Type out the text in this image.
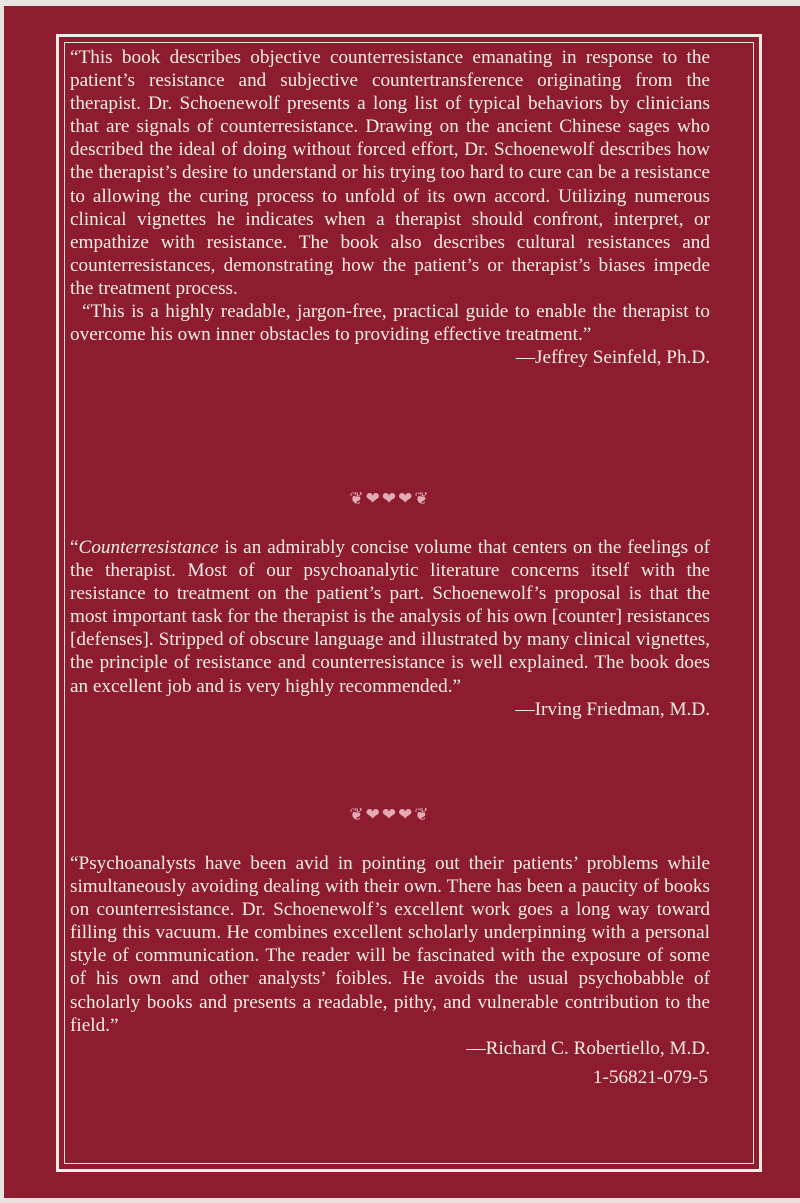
“This book describes objective counterresistance emanating in response to the patient’s resistance and subjective countertransference originating from the therapist. Dr. Schoenewolf presents a long list of typical behaviors by clinicians that are signals of counterresistance. Drawing on the ancient Chinese sages who described the ideal of doing without forced effort, Dr. Schoenewolf describes how the therapist’s desire to understand or his trying too hard to cure can be a resistance to allowing the curing process to unfold of its own accord. Utilizing numerous clinical vignettes he indicates when a therapist should confront, interpret, or empathize with resistance. The book also describes cultural resistances and counterresistances, demonstrating how the patient’s or therapist’s biases impede the treatment process.

“This is a highly readable, jargon-free, practical guide to enable the therapist to overcome his own inner obstacles to providing effective treatment.”

—Jeffrey Seinfeld, Ph.D.

❦❤❤❤❦

“Counterresistance is an admirably concise volume that centers on the feelings of the therapist. Most of our psychoanalytic literature concerns itself with the resistance to treatment on the patient’s part. Schoenewolf’s proposal is that the most important task for the therapist is the analysis of his own [counter] resistances [defenses]. Stripped of obscure language and illustrated by many clinical vignettes, the principle of resistance and counterresistance is well explained. The book does an excellent job and is very highly recommended.”

—Irving Friedman, M.D.

❦❤❤❤❦

“Psychoanalysts have been avid in pointing out their patients’ problems while simultaneously avoiding dealing with their own. There has been a paucity of books on counterresistance. Dr. Schoenewolf’s excellent work goes a long way toward filling this vacuum. He combines excellent scholarly underpinning with a personal style of communication. The reader will be fascinated with the exposure of some of his own and other analysts’ foibles. He avoids the usual psychobabble of scholarly books and presents a readable, pithy, and vulnerable contribution to the field.”

—Richard C. Robertiello, M.D.

1-56821-079-5
